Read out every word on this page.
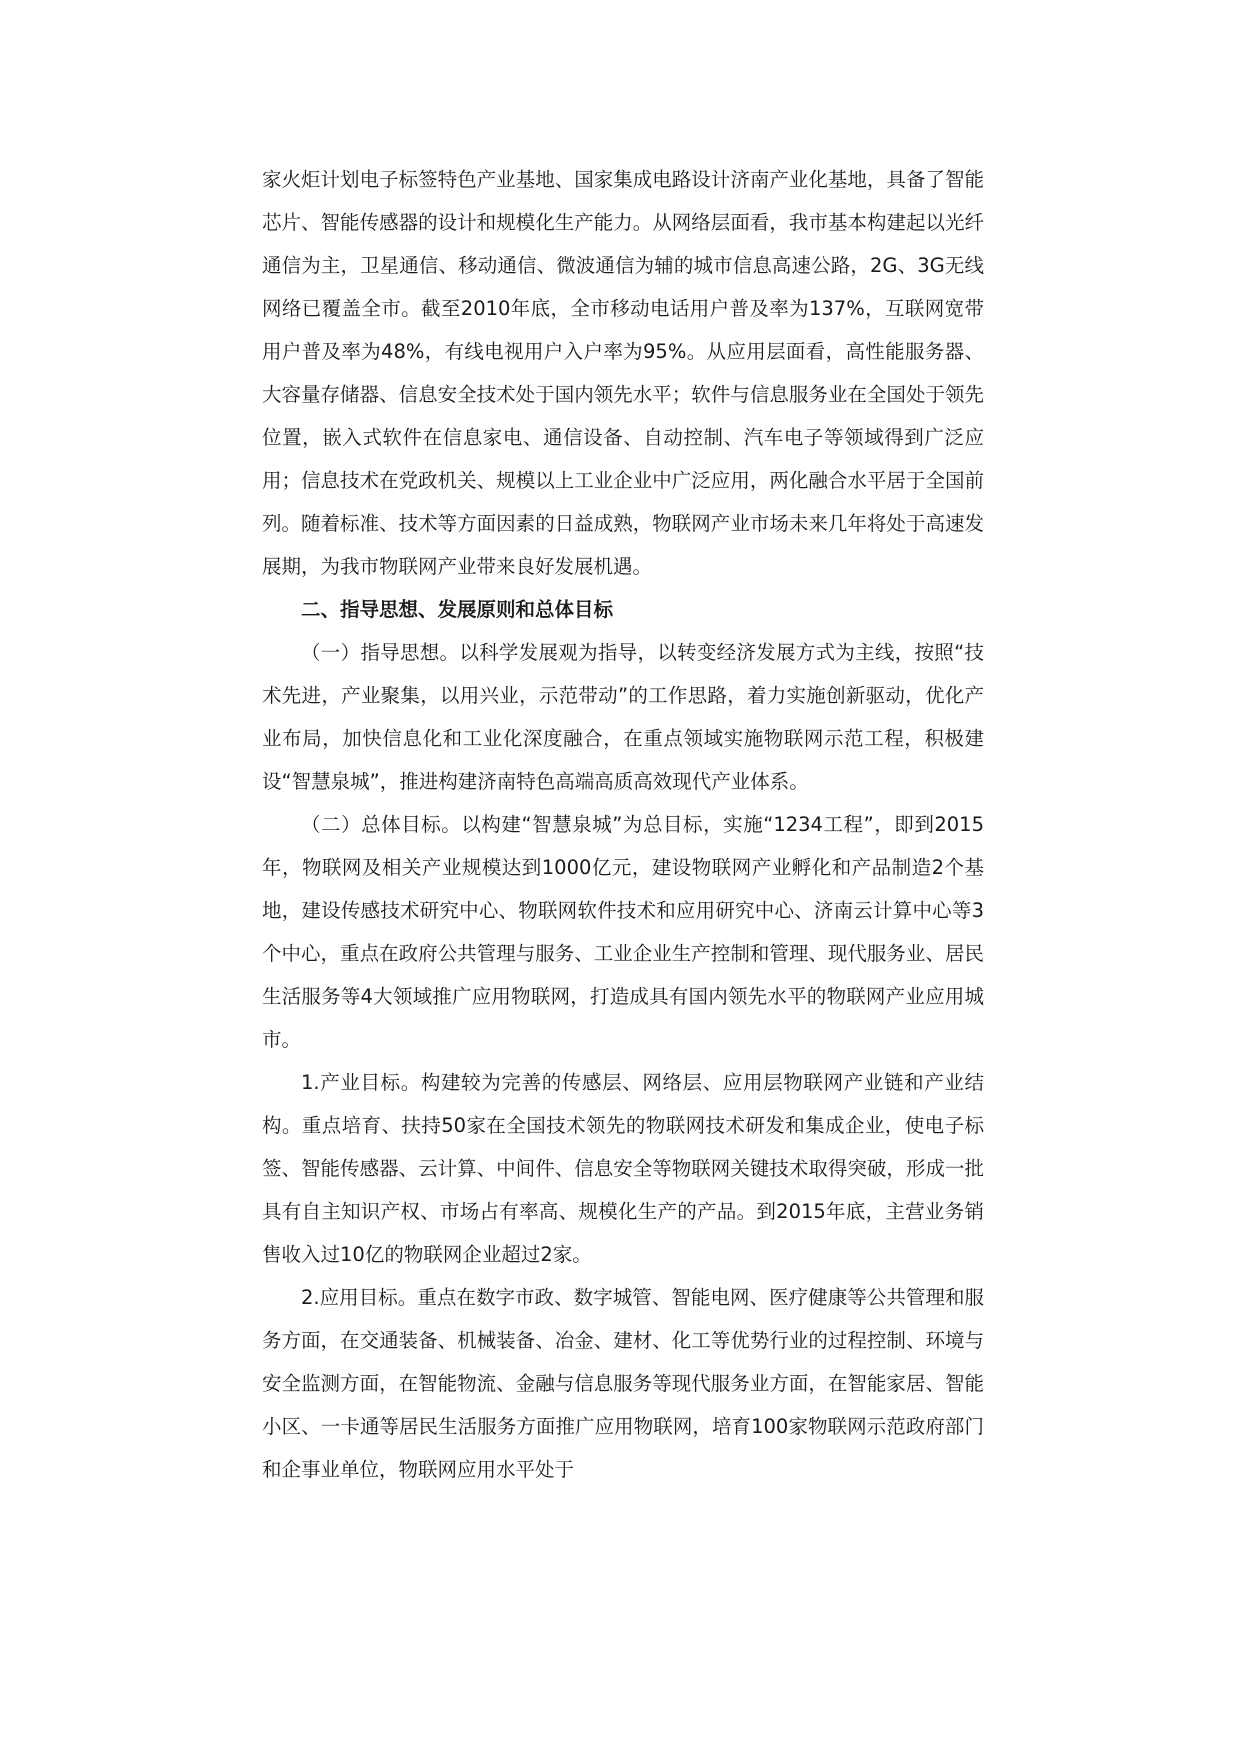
家火炬计划电子标签特色产业基地、国家集成电路设计济南产业化基地，具备了智能芯片、智能传感器的设计和规模化生产能力。从网络层面看，我市基本构建起以光纤通信为主，卫星通信、移动通信、微波通信为辅的城市信息高速公路，2G、3G无线网络已覆盖全市。截至2010年底，全市移动电话用户普及率为137%，互联网宽带用户普及率为48%，有线电视用户入户率为95%。从应用层面看，高性能服务器、大容量存储器、信息安全技术处于国内领先水平；软件与信息服务业在全国处于领先位置，嵌入式软件在信息家电、通信设备、自动控制、汽车电子等领域得到广泛应用；信息技术在党政机关、规模以上工业企业中广泛应用，两化融合水平居于全国前列。随着标准、技术等方面因素的日益成熟，物联网产业市场未来几年将处于高速发展期，为我市物联网产业带来良好发展机遇。

二、指导思想、发展原则和总体目标

（一）指导思想。以科学发展观为指导，以转变经济发展方式为主线，按照“技术先进，产业聚集，以用兴业，示范带动”的工作思路，着力实施创新驱动，优化产业布局，加快信息化和工业化深度融合，在重点领域实施物联网示范工程，积极建设“智慧泉城”，推进构建济南特色高端高质高效现代产业体系。

（二）总体目标。以构建“智慧泉城”为总目标，实施“1234工程”，即到2015年，物联网及相关产业规模达到1000亿元，建设物联网产业孵化和产品制造2个基地，建设传感技术研究中心、物联网软件技术和应用研究中心、济南云计算中心等3个中心，重点在政府公共管理与服务、工业企业生产控制和管理、现代服务业、居民生活服务等4大领域推广应用物联网，打造成具有国内领先水平的物联网产业应用城市。

1.产业目标。构建较为完善的传感层、网络层、应用层物联网产业链和产业结构。重点培育、扶持50家在全国技术领先的物联网技术研发和集成企业，使电子标签、智能传感器、云计算、中间件、信息安全等物联网关键技术取得突破，形成一批具有自主知识产权、市场占有率高、规模化生产的产品。到2015年底，主营业务销售收入过10亿的物联网企业超过2家。

2.应用目标。重点在数字市政、数字城管、智能电网、医疗健康等公共管理和服务方面，在交通装备、机械装备、冶金、建材、化工等优势行业的过程控制、环境与安全监测方面，在智能物流、金融与信息服务等现代服务业方面，在智能家居、智能小区、一卡通等居民生活服务方面推广应用物联网，培育100家物联网示范政府部门和企事业单位，物联网应用水平处于
